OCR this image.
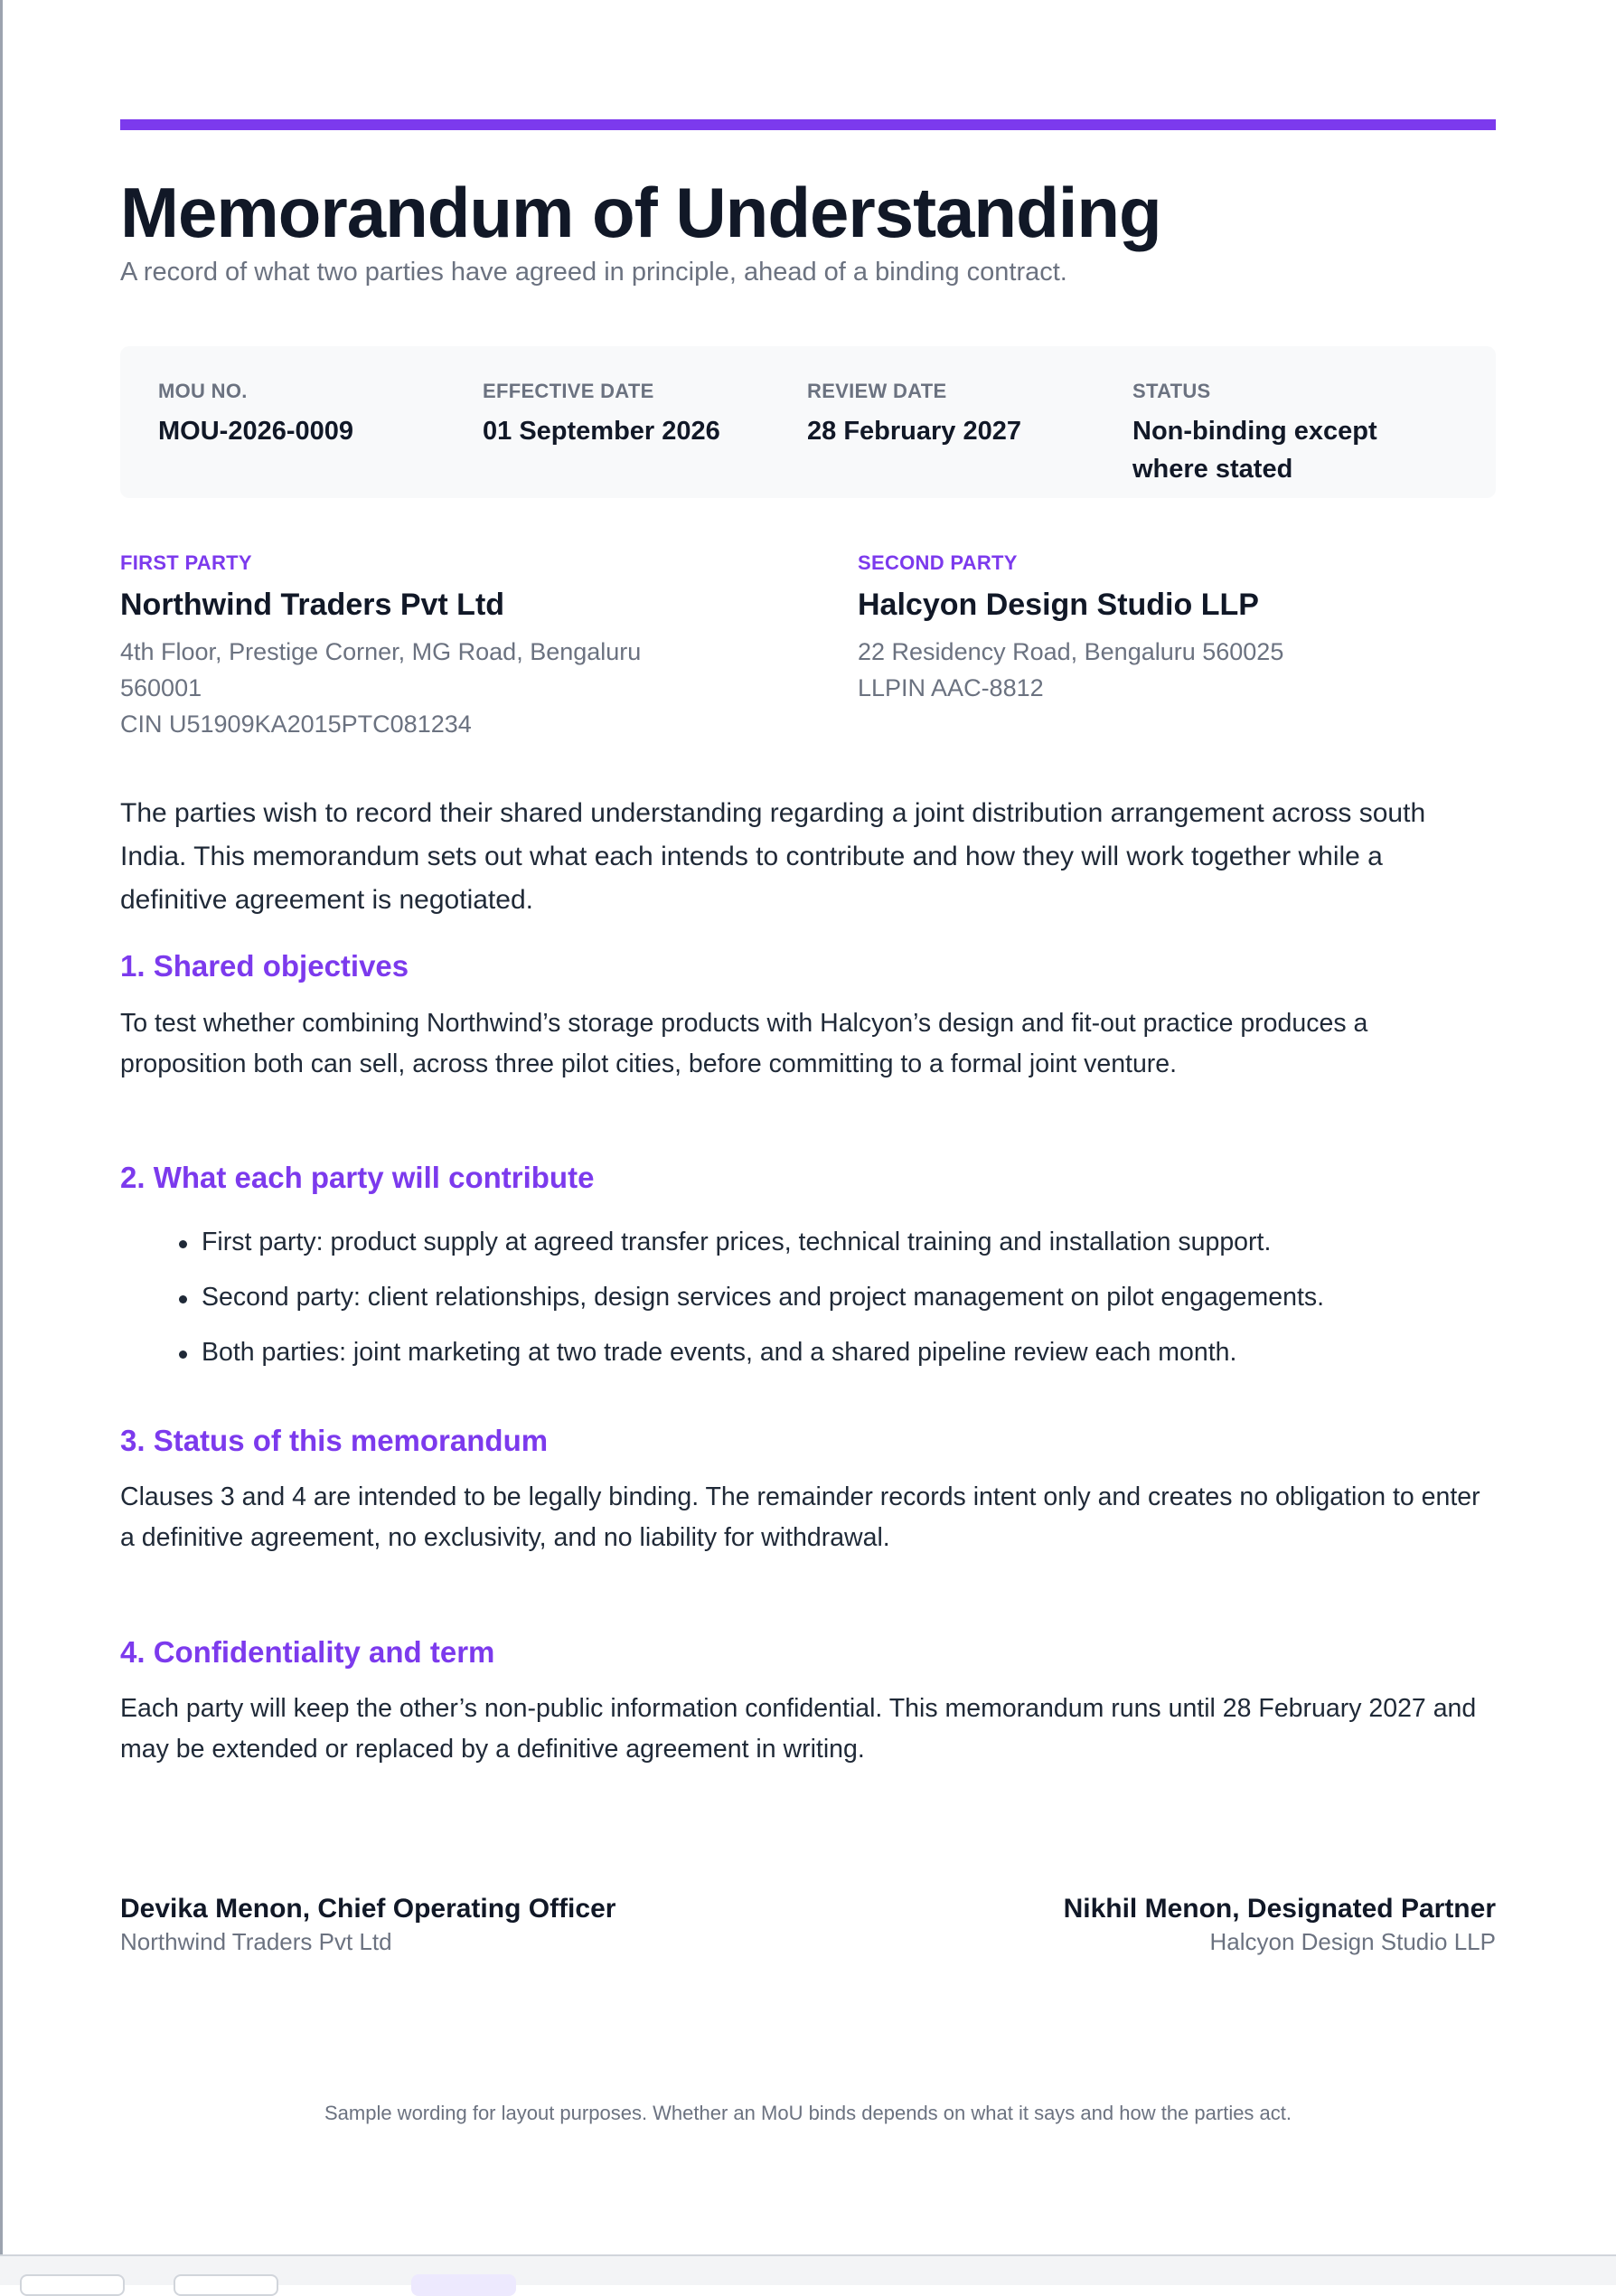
Memorandum of Understanding

A record of what two parties have agreed in principle, ahead of a binding contract.

MOU NO.
MOU-2026-0009
EFFECTIVE DATE
01 September 2026
REVIEW DATE
28 February 2027
STATUS
Non-binding except where stated
FIRST PARTY
Northwind Traders Pvt Ltd
4th Floor, Prestige Corner, MG Road, Bengaluru
560001
CIN U51909KA2015PTC081234
SECOND PARTY
Halcyon Design Studio LLP
22 Residency Road, Bengaluru 560025
LLPIN AAC-8812

The parties wish to record their shared understanding regarding a joint distribution arrangement across south India. This memorandum sets out what each intends to contribute and how they will work together while a definitive agreement is negotiated.

1. Shared objectives

To test whether combining Northwind’s storage products with Halcyon’s design and fit-out practice produces a proposition both can sell, across three pilot cities, before committing to a formal joint venture.

2. What each party will contribute
First party: product supply at agreed transfer prices, technical training and installation support.
Second party: client relationships, design services and project management on pilot engagements.
Both parties: joint marketing at two trade events, and a shared pipeline review each month.
3. Status of this memorandum

Clauses 3 and 4 are intended to be legally binding. The remainder records intent only and creates no obligation to enter a definitive agreement, no exclusivity, and no liability for withdrawal.

4. Confidentiality and term

Each party will keep the other’s non-public information confidential. This memorandum runs until 28 February 2027 and may be extended or replaced by a definitive agreement in writing.

Devika Menon, Chief Operating Officer
Northwind Traders Pvt Ltd
Nikhil Menon, Designated Partner
Halcyon Design Studio LLP
Sample wording for layout purposes. Whether an MoU binds depends on what it says and how the parties act.
